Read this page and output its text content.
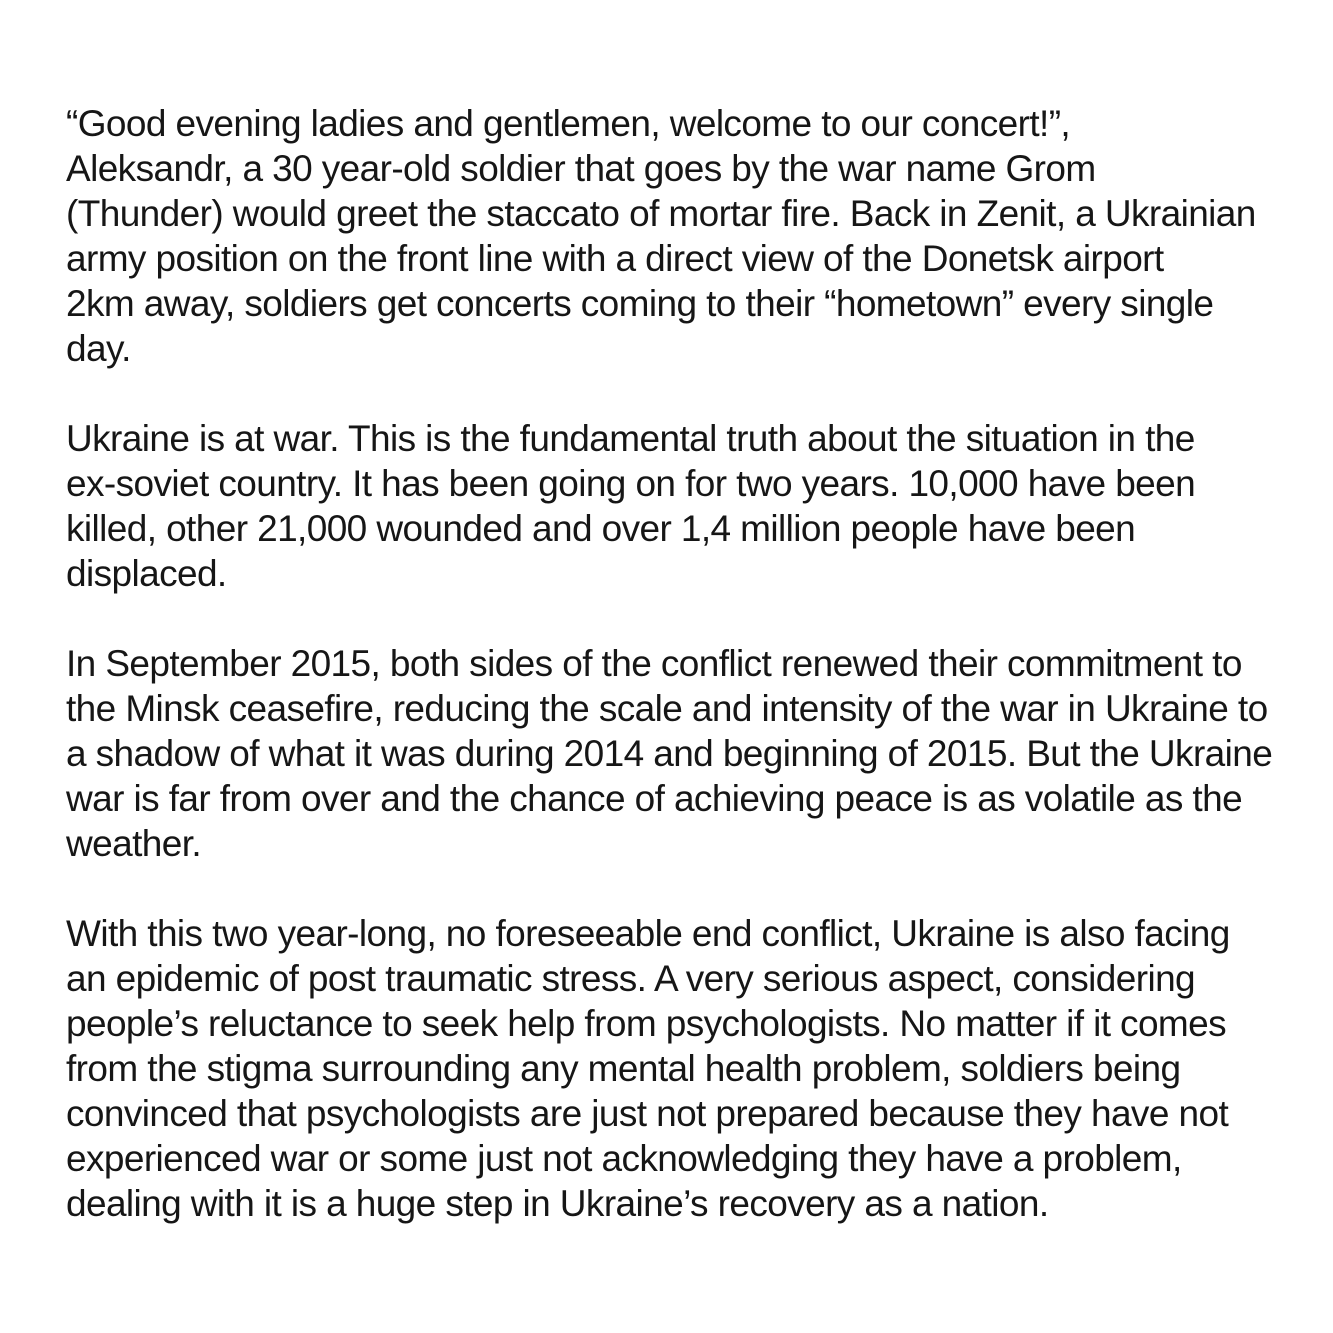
“Good evening ladies and gentlemen, welcome to our concert!”,
Aleksandr, a 30 year-old soldier that goes by the war name Grom
(Thunder) would greet the staccato of mortar fire. Back in Zenit, a Ukrainian
army position on the front line with a direct view of the Donetsk airport
2km away, soldiers get concerts coming to their “hometown” every single
day.

Ukraine is at war. This is the fundamental truth about the situation in the
ex-soviet country. It has been going on for two years. 10,000 have been
killed, other 21,000 wounded and over 1,4 million people have been
displaced.

In September 2015, both sides of the conflict renewed their commitment to
the Minsk ceasefire, reducing the scale and intensity of the war in Ukraine to
a shadow of what it was during 2014 and beginning of 2015. But the Ukraine
war is far from over and the chance of achieving peace is as volatile as the
weather.

With this two year-long, no foreseeable end conflict, Ukraine is also facing
an epidemic of post traumatic stress. A very serious aspect, considering
people’s reluctance to seek help from psychologists. No matter if it comes
from the stigma surrounding any mental health problem, soldiers being
convinced that psychologists are just not prepared because they have not
experienced war or some just not acknowledging they have a problem,
dealing with it is a huge step in Ukraine’s recovery as a nation.
